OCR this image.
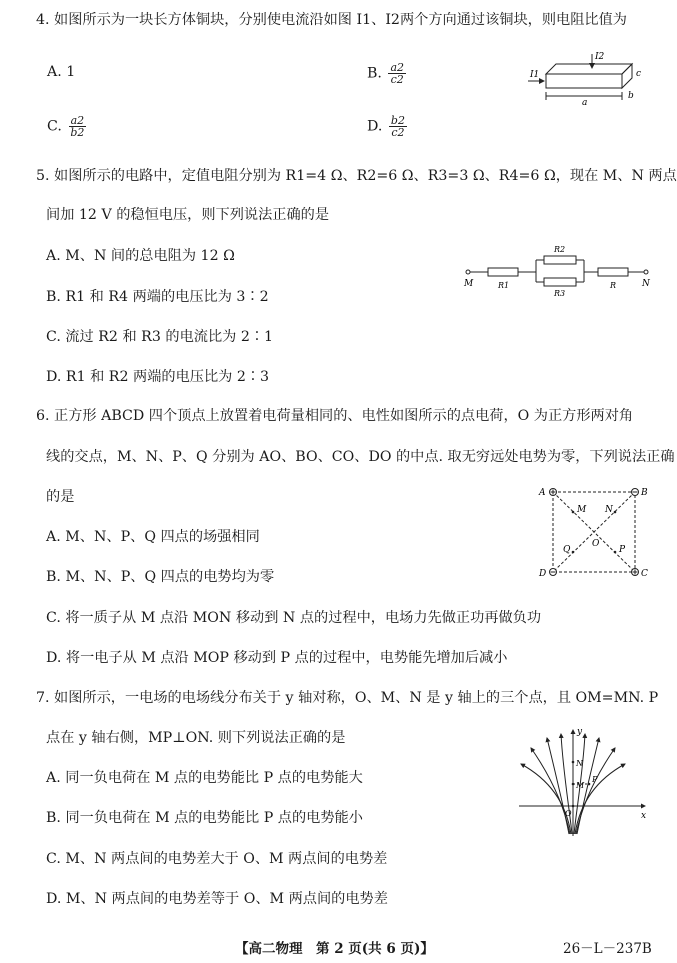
4. 如图所示为一块长方体铜块，分别使电流沿如图 I1、I2两个方向通过该铜块，则电阻比值为
A. 1	B. $\frac{a2}{c2}$
C. $\frac{a2}{b2}$	D. $\frac{b2}{c2}$
I1
I2
a
b
c
5. 如图所示的电路中，定值电阻分别为 R1=4 Ω、R2=6 Ω、R3=3 Ω、R4=6 Ω，现在 M、N 两点
间加 12 V 的稳恒电压，则下列说法正确的是
A. M、N 间的总电阻为 12 Ω
B. R1 和 R4 两端的电压比为 3∶2
C. 流过 R2 和 R3 的电流比为 2∶1
D. R1 和 R2 两端的电压比为 2∶3
M	N
R1
R2
R3
R
6. 正方形 ABCD 四个顶点上放置着电荷量相同的、电性如图所示的点电荷，O 为正方形两对角
线的交点，M、N、P、Q 分别为 AO、BO、CO、DO 的中点. 取无穷远处电势为零，下列说法正确
的是
A. M、N、P、Q 四点的场强相同
B. M、N、P、Q 四点的电势均为零
C. 将一质子从 M 点沿 MON 移动到 N 点的过程中，电场力先做正功再做负功
D. 将一电子从 M 点沿 MOP 移动到 P 点的过程中，电势能先增加后减小
A	B
C
D
M N
P
Q
O
7. 如图所示，一电场的电场线分布关于 y 轴对称，O、M、N 是 y 轴上的三个点，且 OM=MN. P
点在 y 轴右侧，MP⊥ON. 则下列说法正确的是
A. 同一负电荷在 M 点的电势能比 P 点的电势能大
B. 同一负电荷在 M 点的电势能比 P 点的电势能小
C. M、N 两点间的电势差大于 O、M 两点间的电势差
D. M、N 两点间的电势差等于 O、M 两点间的电势差
y
x
O
M
N
P
【高二物理　第 2 页(共 6 页)】	26－L－237B
